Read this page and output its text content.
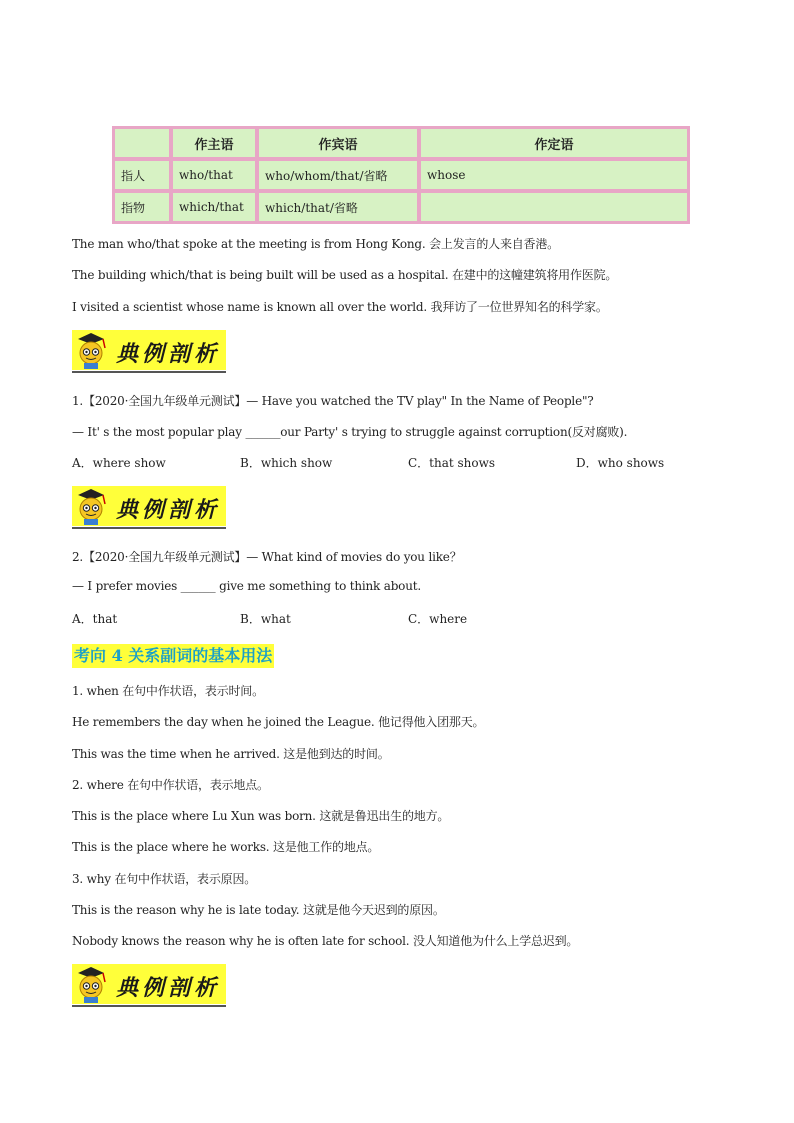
	作主语	作宾语	作定语
指人	who/that	who/whom/that/省略	whose
指物	which/that	which/that/省略	
The man who/that spoke at the meeting is from Hong Kong. 会上发言的人来自香港。
The building which/that is being built will be used as a hospital. 在建中的这幢建筑将用作医院。
I visited a scientist whose name is known all over the world. 我拜访了一位世界知名的科学家。
典例剖析
1.【2020·全国九年级单元测试】— Have you watched the TV play" In the Name of People"?
— It' s the most popular play ______our Party' s trying to struggle against corruption(反对腐败).
A．where show	B．which show	C．that shows	D．who shows
典例剖析
2.【2020·全国九年级单元测试】— What kind of movies do you like？
— I prefer movies ______ give me something to think about.
A．that	B．what	C．where
考向 4 关系副词的基本用法
1. when 在句中作状语，表示时间。
He remembers the day when he joined the League. 他记得他入团那天。
This was the time when he arrived. 这是他到达的时间。
2. where 在句中作状语，表示地点。
This is the place where Lu Xun was born. 这就是鲁迅出生的地方。
This is the place where he works. 这是他工作的地点。
3. why 在句中作状语，表示原因。
This is the reason why he is late today. 这就是他今天迟到的原因。
Nobody knows the reason why he is often late for school. 没人知道他为什么上学总迟到。
典例剖析
